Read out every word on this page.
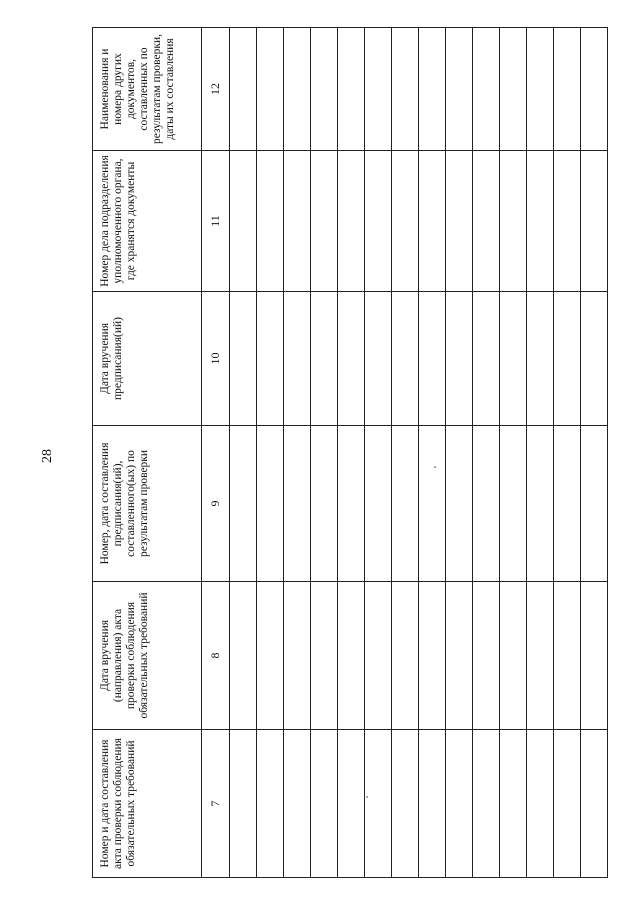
28
Номер и дата составления акта проверки соблюдения обязательных требований	Дата вручения (направления) акта проверки соблюдения обязательных требований	Номер, дата составления предписания(ий), составленного(ых) по результатам проверки	Дата вручения предписания(ий)	Номер дела подразделения уполномоченного органа, где хранятся документы	Наименования и номера других документов, составленных по результатам проверки, даты их составления
7	8	9	10	11	12
